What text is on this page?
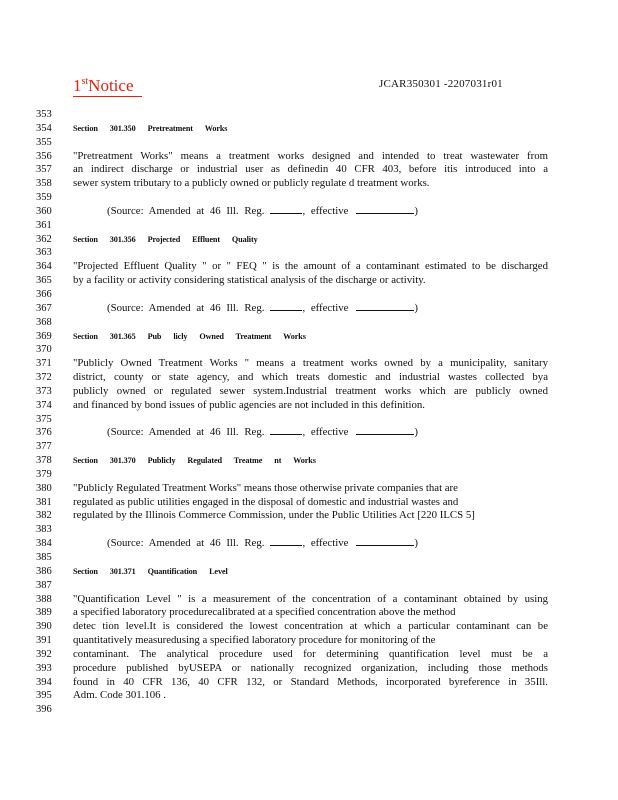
1stNotice	JCAR350301 -2207031r01
353
354	Section 301.350 Pretreatment Works
355
356	"Pretreatment Works" means a treatment works designed and intended to treat wastewater from
357	an indirect discharge or industrial user as definedin 40 CFR 403, before itis introduced into a
358	sewer system tributary to a publicly owned or publicly regulate d treatment works.
359
360	(Source: Amended at 46 Ill. Reg.	, effective	)
361
362	Section 301.356 Projected Effluent Quality
363
364	"Projected Effluent Quality " or " FEQ " is the amount of a contaminant estimated to be discharged
365	by a facility or activity considering statistical analysis of the discharge or activity.
366
367	(Source: Amended at 46 Ill. Reg.	, effective	)
368
369	Section 301.365 Pub licly Owned Treatment Works
370
371	"Publicly Owned Treatment Works " means a treatment works owned by a municipality, sanitary
372	district, county or state agency, and which treats domestic and industrial wastes collected bya
373	publicly owned or regulated sewer system.Industrial treatment works which are publicly owned
374	and financed by bond issues of public agencies are not included in this definition.
375
376	(Source: Amended at 46 Ill. Reg.	, effective	)
377
378	Section 301.370 Publicly Regulated Treatme nt Works
379
380	"Publicly Regulated Treatment Works" means those otherwise private companies that are
381	regulated as public utilities engaged in the disposal of domestic and industrial wastes and
382	regulated by the Illinois Commerce Commission, under the Public Utilities Act [220 ILCS 5]
383
384	(Source: Amended at 46 Ill. Reg.	, effective	)
385
386	Section 301.371 Quantification Level
387
388	"Quantification Level " is a measurement of the concentration of a contaminant obtained by using
389	a specified laboratory procedurecalibrated at a specified concentration above the method
390	detec tion level.It is considered the lowest concentration at which a particular contaminant can be
391	quantitatively measuredusing a specified laboratory procedure for monitoring of the
392	contaminant. The analytical procedure used for determining quantification level must be a
393	procedure published byUSEPA or nationally recognized organization, including those methods
394	found in 40 CFR 136, 40 CFR 132, or Standard Methods, incorporated byreference in 35Ill.
395	Adm. Code 301.106 .
396
